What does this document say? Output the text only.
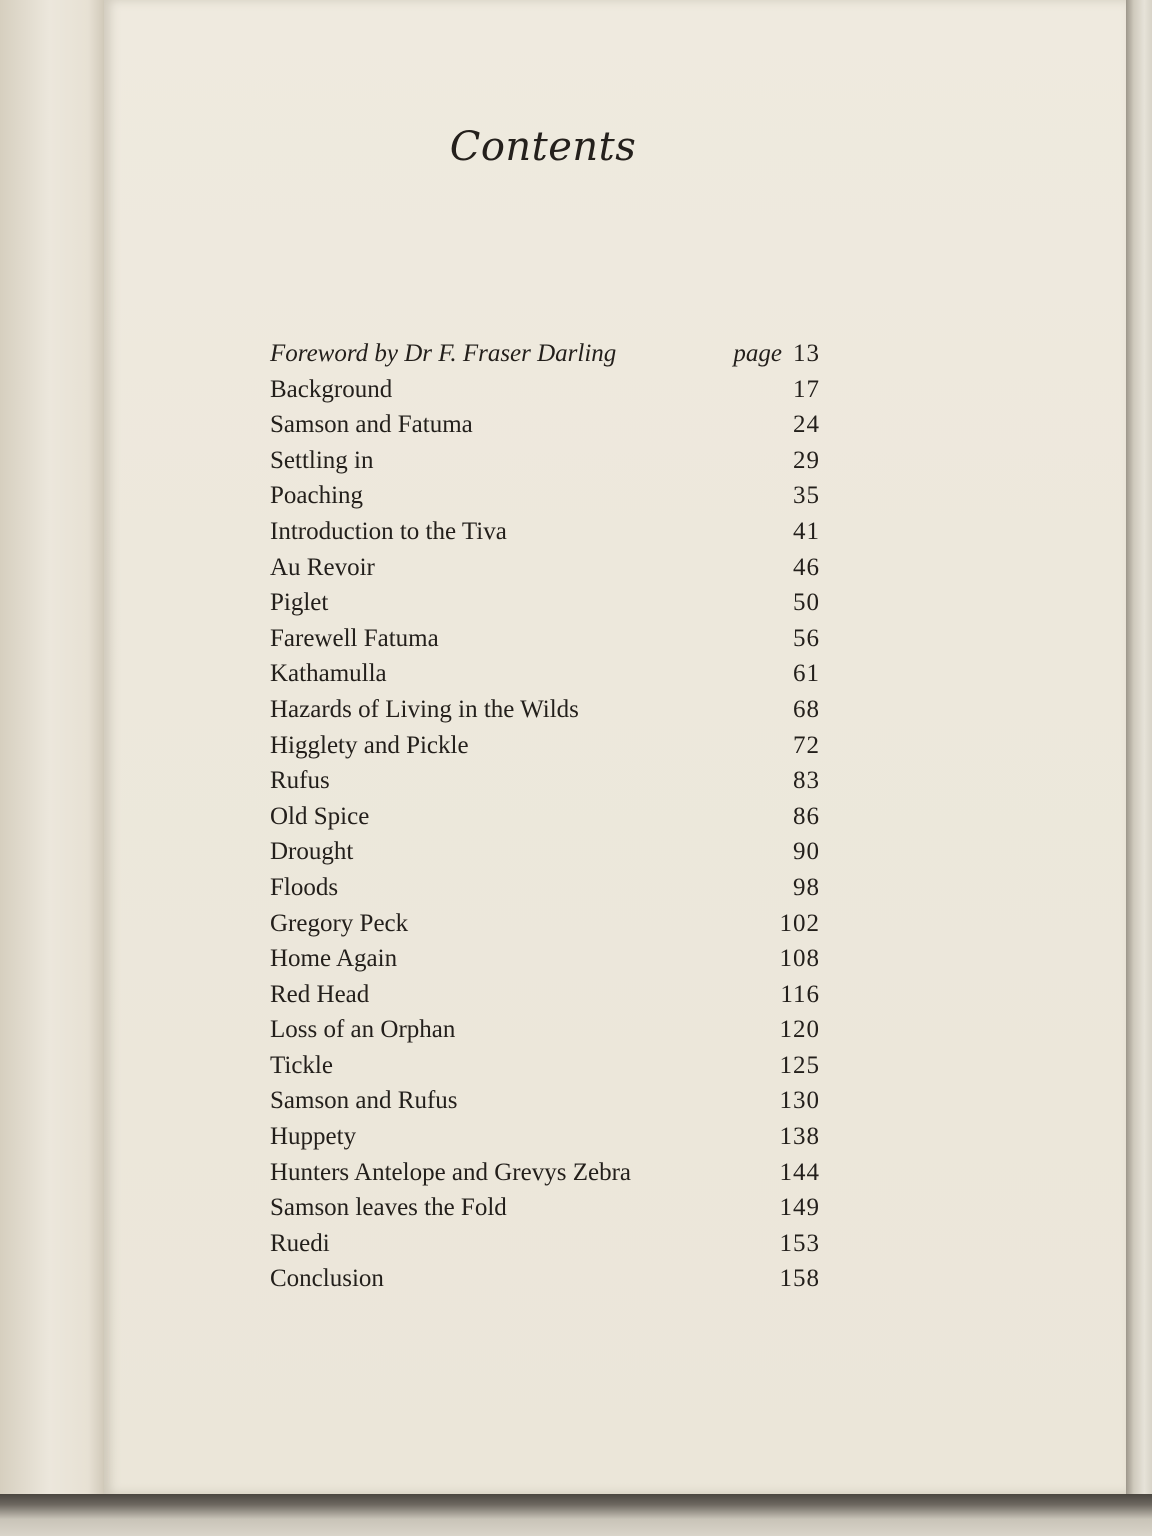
Contents
Foreword by Dr F. Fraser Darling	page 13
Background	17
Samson and Fatuma	24
Settling in	29
Poaching	35
Introduction to the Tiva	41
Au Revoir	46
Piglet	50
Farewell Fatuma	56
Kathamulla	61
Hazards of Living in the Wilds	68
Higglety and Pickle	72
Rufus	83
Old Spice	86
Drought	90
Floods	98
Gregory Peck	102
Home Again	108
Red Head	116
Loss of an Orphan	120
Tickle	125
Samson and Rufus	130
Huppety	138
Hunters Antelope and Grevys Zebra	144
Samson leaves the Fold	149
Ruedi	153
Conclusion	158
